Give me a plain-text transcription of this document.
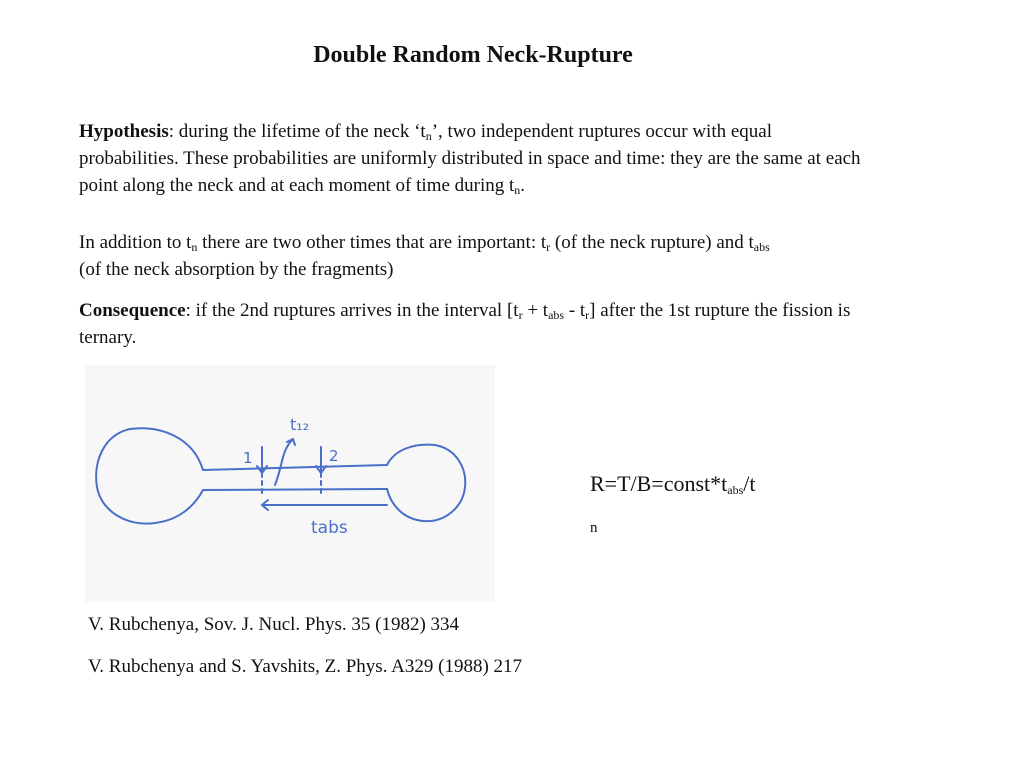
Double Random Neck-Rupture
Hypothesis: during the lifetime of the neck ‘$t_n$’, two independent ruptures occur with equal probabilities. These probabilities are uniformly distributed in space and time: they are the same at each point along the neck and at each moment of time during $t_n$.
In addition to $t_n$ there are two other times that are important: $t_r$ (of the neck rupture) and $t_{abs}$ (of the neck absorption by the fragments)
Consequence: if the 2nd ruptures arrives in the interval $[t_r + t_{abs} - t_r]$ after the 1st rupture the fission is ternary.
1	2
t₁₂
tabs
$R=T/B=const*t_{abs}/t$
n
V. Rubchenya, Sov. J. Nucl. Phys. 35 (1982) 334
V. Rubchenya and S. Yavshits, Z. Phys. A329 (1988) 217
